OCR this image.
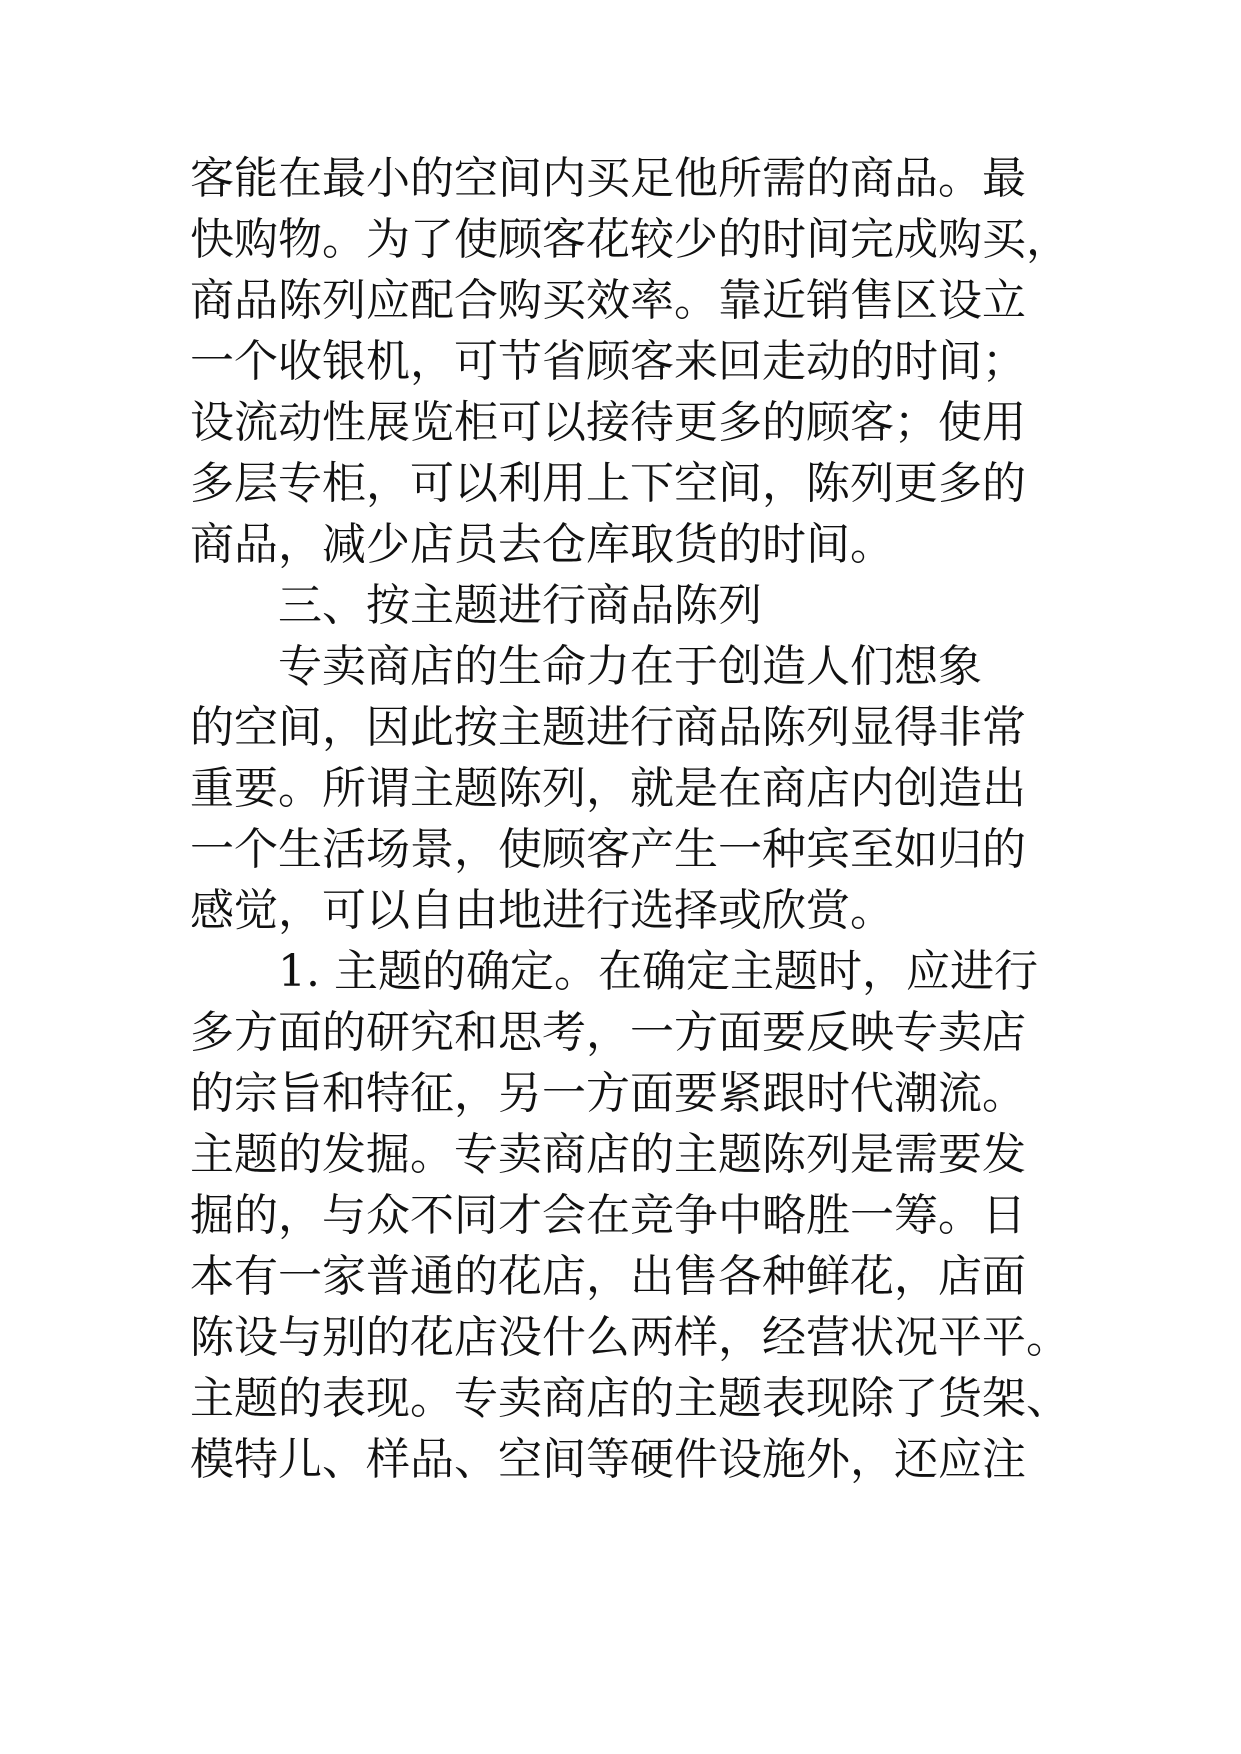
客能在最小的空间内买足他所需的商品。最
快购物。为了使顾客花较少的时间完成购买，
商品陈列应配合购买效率。靠近销售区设立
一个收银机，可节省顾客来回走动的时间；
设流动性展览柜可以接待更多的顾客；使用
多层专柜，可以利用上下空间，陈列更多的
商品，减少店员去仓库取货的时间。
三、按主题进行商品陈列
专卖商店的生命力在于创造人们想象
的空间，因此按主题进行商品陈列显得非常
重要。所谓主题陈列，就是在商店内创造出
一个生活场景，使顾客产生一种宾至如归的
感觉，可以自由地进行选择或欣赏。
1. 主题的确定。在确定主题时，应进行
多方面的研究和思考，一方面要反映专卖店
的宗旨和特征，另一方面要紧跟时代潮流。
主题的发掘。专卖商店的主题陈列是需要发
掘的，与众不同才会在竞争中略胜一筹。日
本有一家普通的花店，出售各种鲜花，店面
陈设与别的花店没什么两样，经营状况平平。
主题的表现。专卖商店的主题表现除了货架、
模特儿、样品、空间等硬件设施外，还应注
